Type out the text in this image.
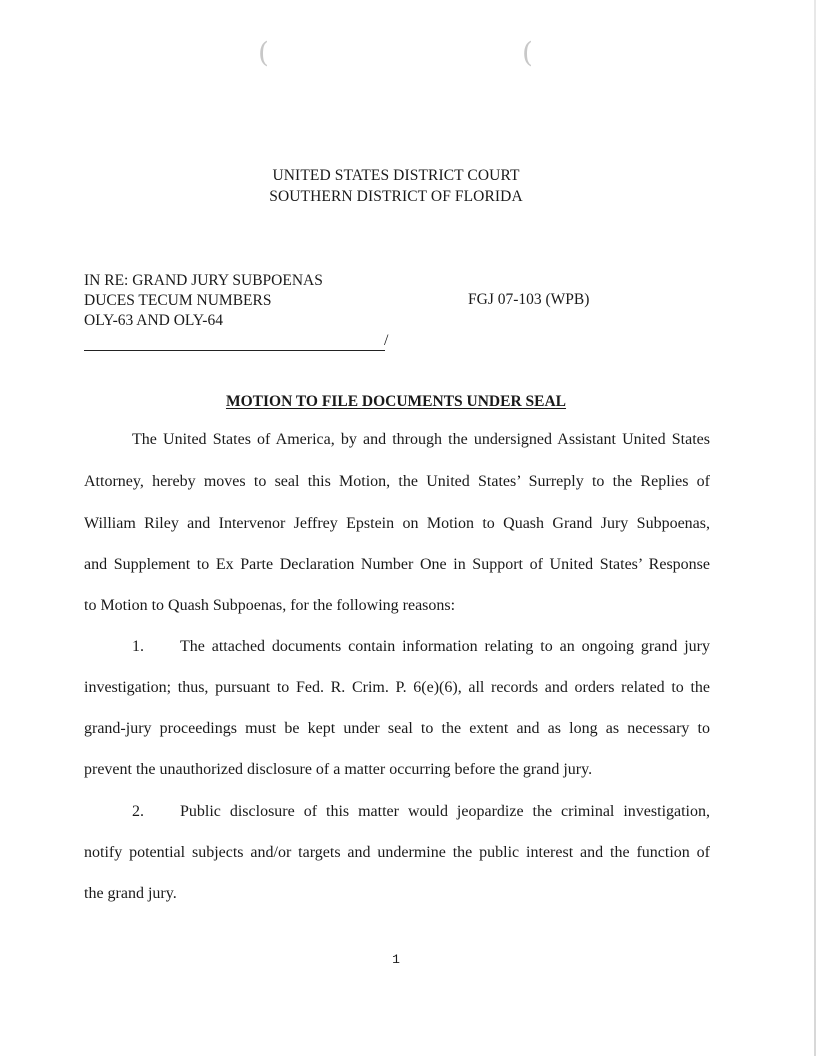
(	(
UNITED STATES DISTRICT COURT
SOUTHERN DISTRICT OF FLORIDA
IN RE: GRAND JURY SUBPOENAS
DUCES TECUM NUMBERS
OLY-63 AND OLY-64
FGJ 07-103 (WPB)
/
MOTION TO FILE DOCUMENTS UNDER SEAL
The United States of America, by and through the undersigned Assistant United States
Attorney, hereby moves to seal this Motion, the United States’ Surreply to the Replies of
William Riley and Intervenor Jeffrey Epstein on Motion to Quash Grand Jury Subpoenas,
and Supplement to Ex Parte Declaration Number One in Support of United States’ Response
to Motion to Quash Subpoenas, for the following reasons:
1. The attached documents contain information relating to an ongoing grand jury
investigation; thus, pursuant to Fed. R. Crim. P. 6(e)(6), all records and orders related to the
grand-jury proceedings must be kept under seal to the extent and as long as necessary to
prevent the unauthorized disclosure of a matter occurring before the grand jury.
2. Public disclosure of this matter would jeopardize the criminal investigation,
notify potential subjects and/or targets and undermine the public interest and the function of
the grand jury.
1
